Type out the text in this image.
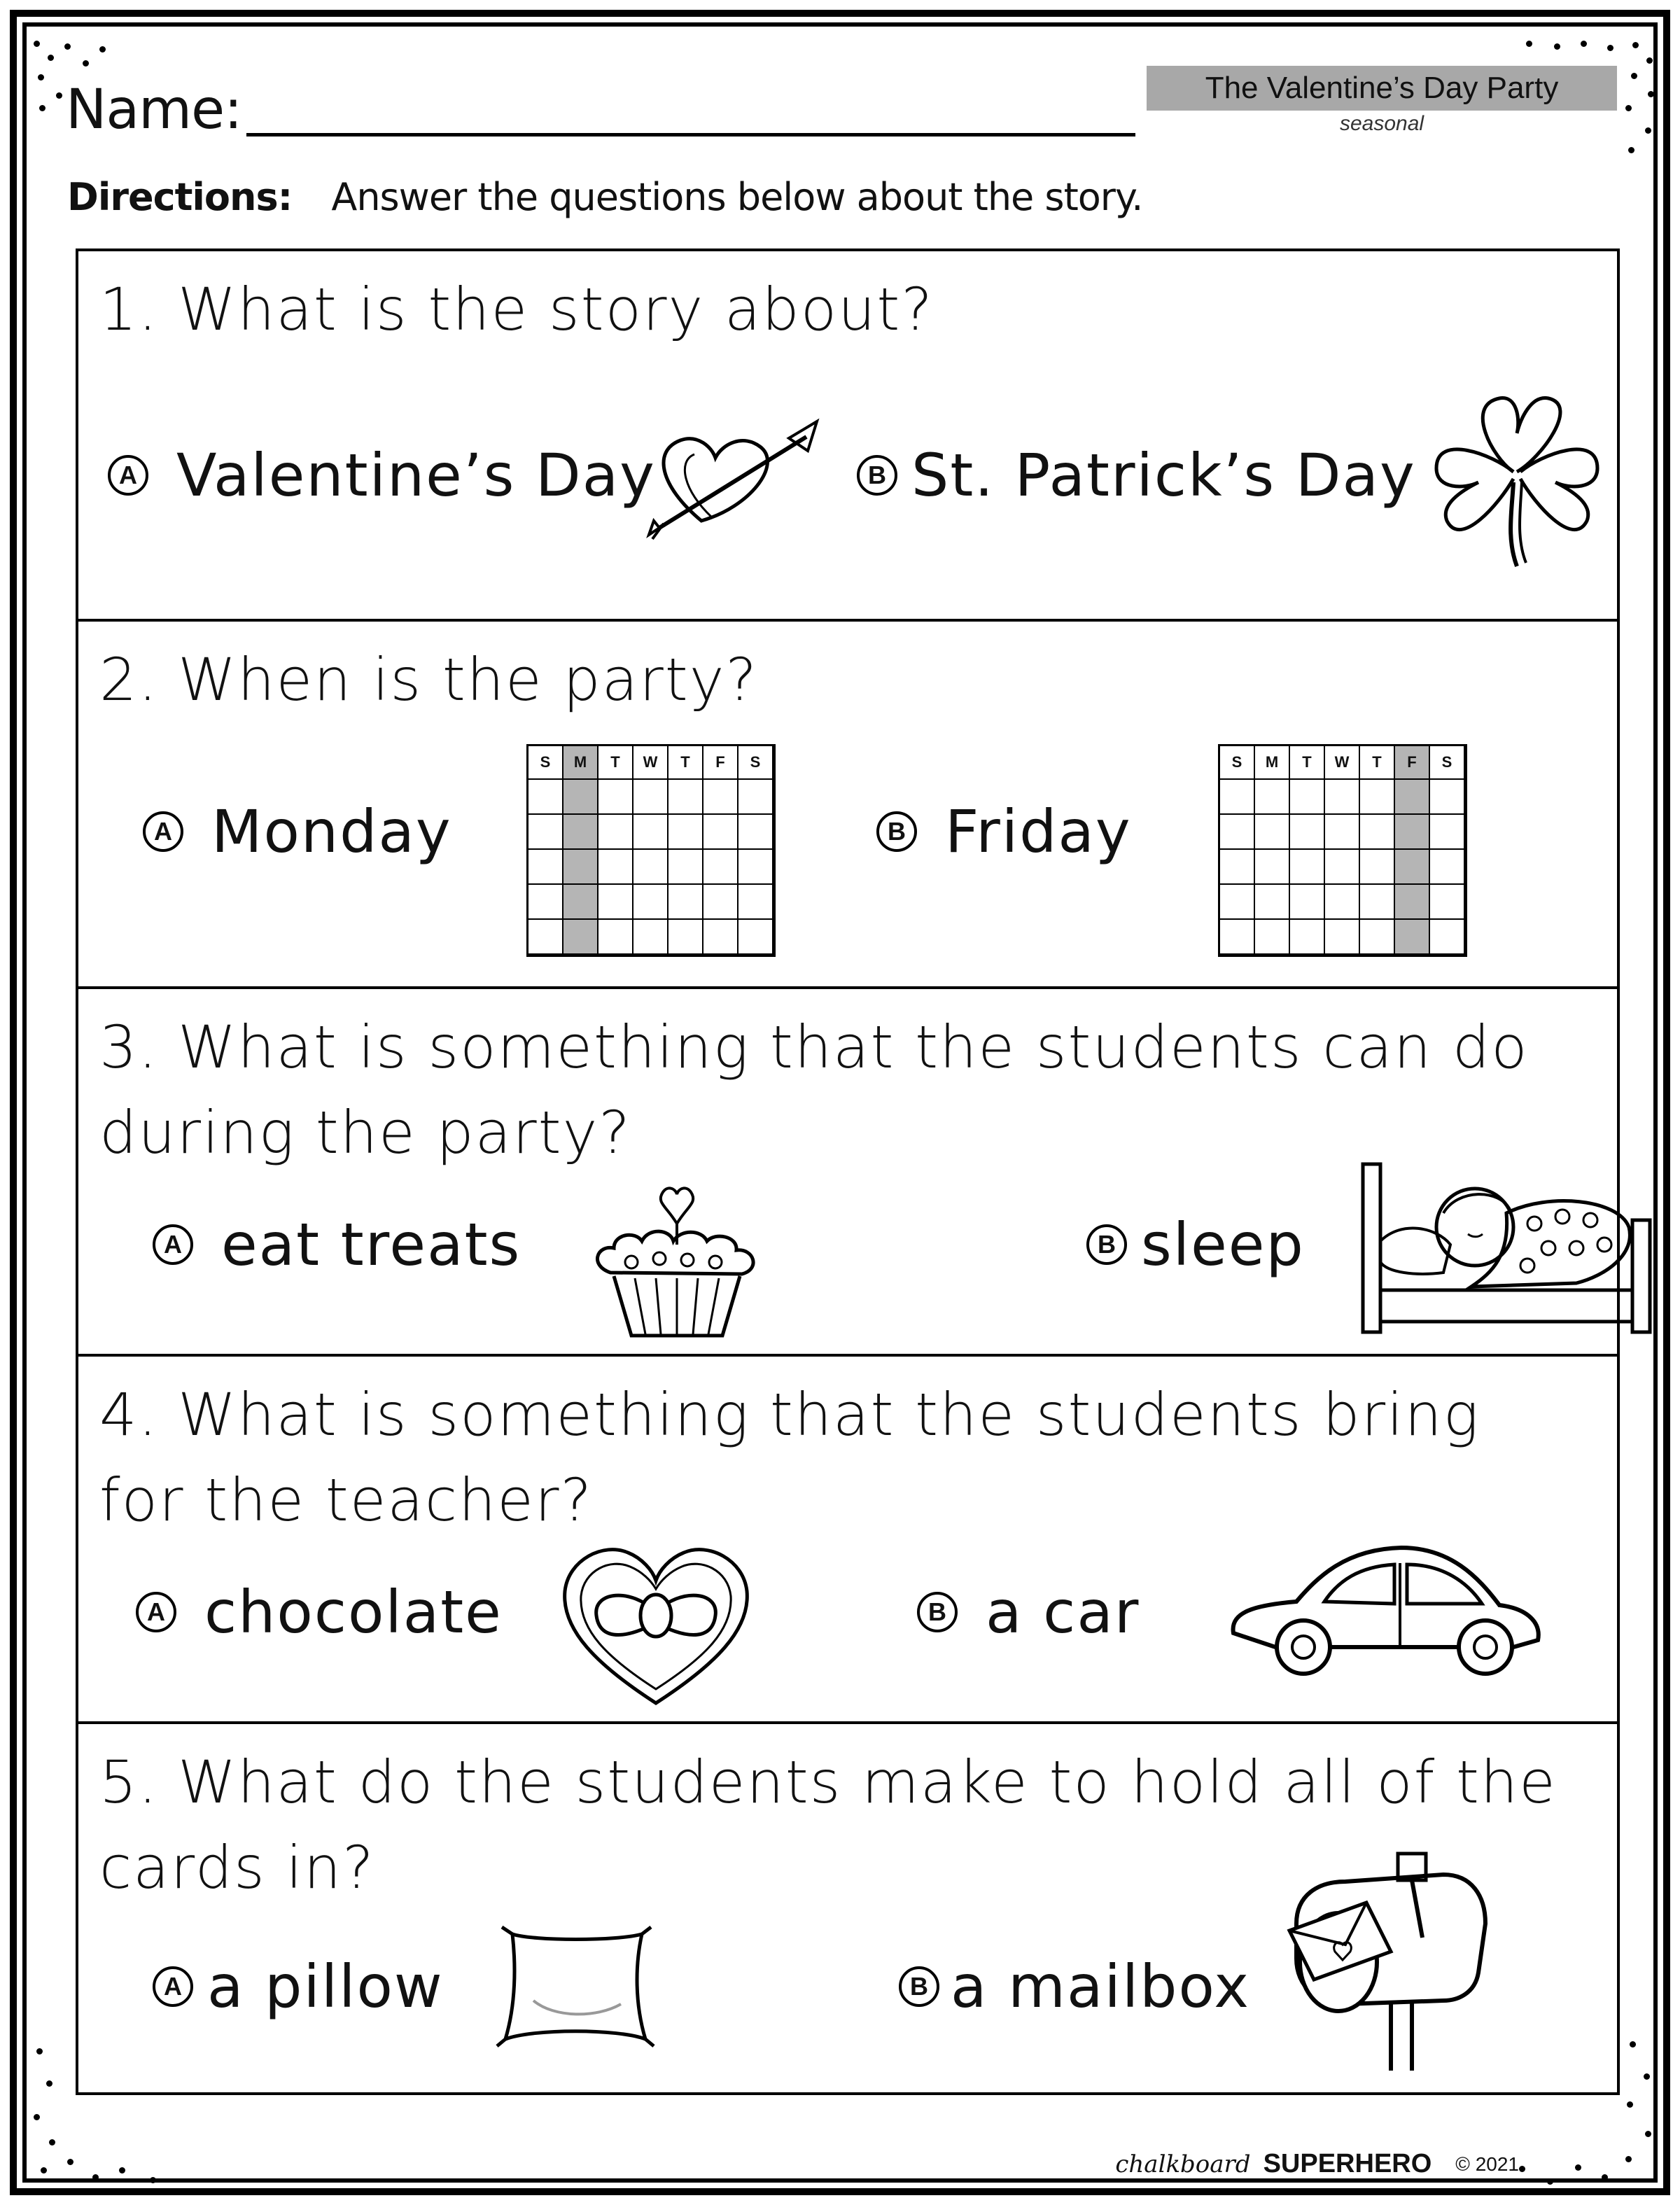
Name:	The Valentine’s Day Party
seasonal
Directions: Answer the questions below about the story.
1. What is the story about?
A Valentine’s Day	B St. Patrick’s Day
2. When is the party?
A Monday
S	M	T	W	T	F	S
B Friday
S	M	T	W	T	F	S
3. What is something that the students can do during the party?
A eat treats	B sleep
4. What is something that the students bring for the teacher?
A chocolate	B a car
5. What do the students make to hold all of the cards in?
A a pillow	B a mailbox
chalkboard SUPERHERO © 2021
